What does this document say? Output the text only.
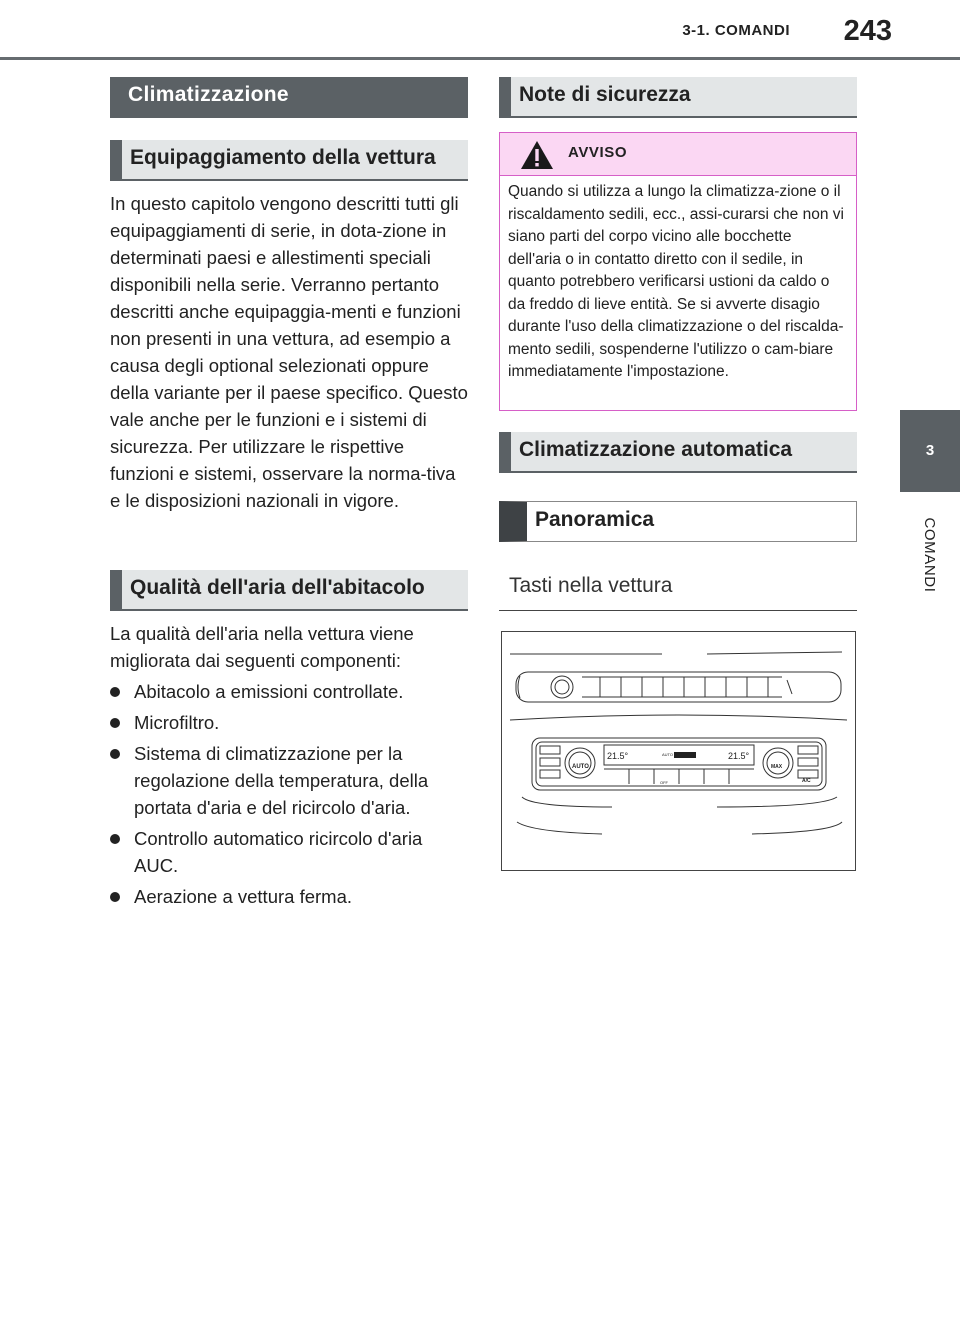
3-1. COMANDI	243
3
COMANDI
Climatizzazione
Equipaggiamento della vettura
In questo capitolo vengono descritti tutti gli equipaggiamenti di serie, in dota-zione in determinati paesi e allestimenti speciali disponibili nella serie. Verranno pertanto descritti anche equipaggia-menti e funzioni non presenti in una vettura, ad esempio a causa degli optional selezionati oppure della variante per il paese specifico. Questo vale anche per le funzioni e i sistemi di sicurezza. Per utilizzare le rispettive funzioni e sistemi, osservare la norma-tiva e le disposizioni nazionali in vigore.
Qualità dell'aria dell'abitacolo
La qualità dell'aria nella vettura viene migliorata dai seguenti componenti:
Abitacolo a emissioni controllate.
Microfiltro.
Sistema di climatizzazione per la regolazione della temperatura, della portata d'aria e del ricircolo d'aria.
Controllo automatico ricircolo d'aria AUC.
Aerazione a vettura ferma.
Note di sicurezza
AVVISO
Quando si utilizza a lungo la climatizza-zione o il riscaldamento sedili, ecc., assi-curarsi che non vi siano parti del corpo vicino alle bocchette dell'aria o in contatto diretto con il sedile, in quanto potrebbero verificarsi ustioni da caldo o da freddo di lieve entità. Se si avverte disagio durante l'uso della climatizzazione o del riscalda-mento sedili, sospenderne l'utilizzo o cam-biare immediatamente l'impostazione.
Climatizzazione automatica
Panoramica
Tasti nella vettura
21.5°	21.5°
AUTO
AUTO	MAX
A/C
OFF
